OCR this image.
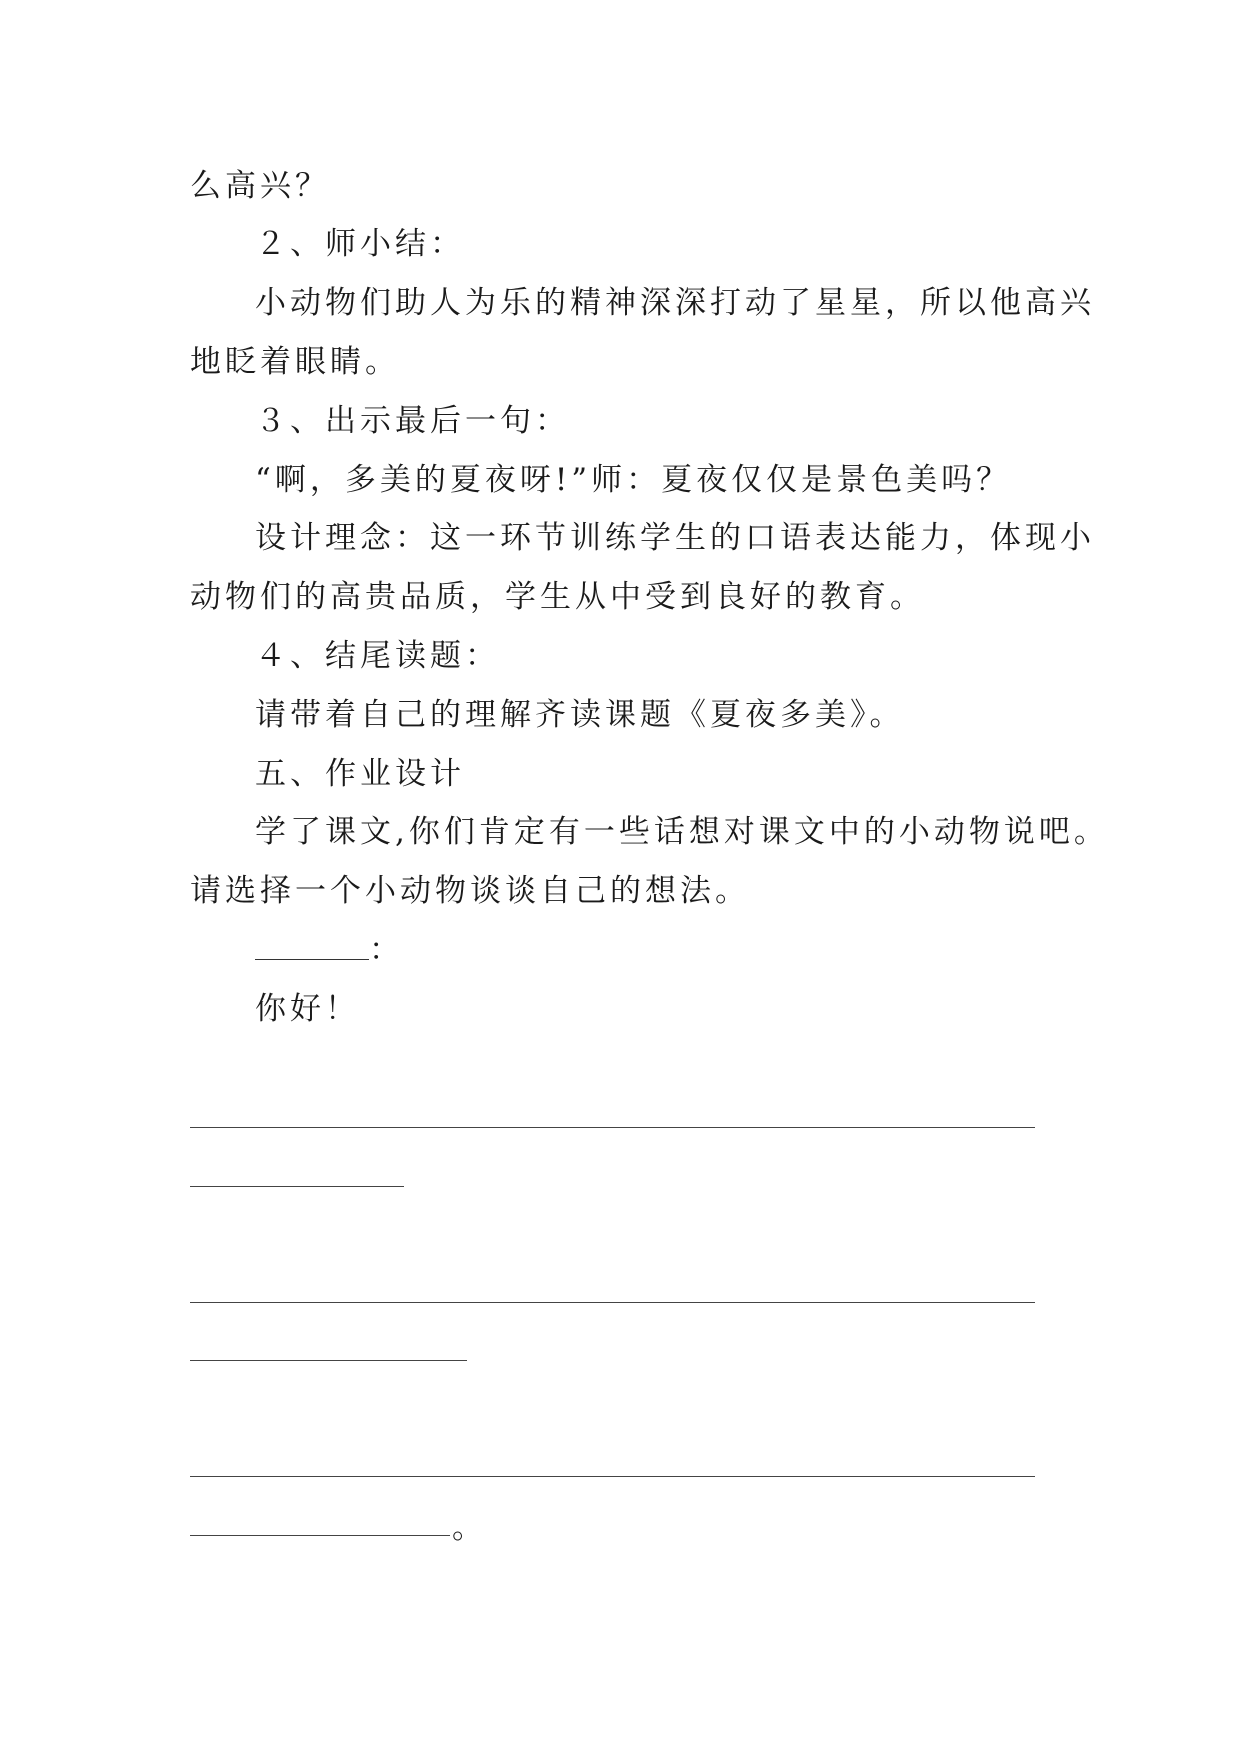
么高兴？
２、师小结：
小动物们助人为乐的精神深深打动了星星，所以他高兴
地眨着眼睛。
３、出示最后一句：
“啊，多美的夏夜呀!”师：夏夜仅仅是景色美吗？
设计理念：这一环节训练学生的口语表达能力，体现小
动物们的高贵品质，学生从中受到良好的教育。
４、结尾读题：
请带着自己的理解齐读课题《夏夜多美》。
五、作业设计
学了课文,你们肯定有一些话想对课文中的小动物说吧。
请选择一个小动物谈谈自己的想法。
：
你好！
。
